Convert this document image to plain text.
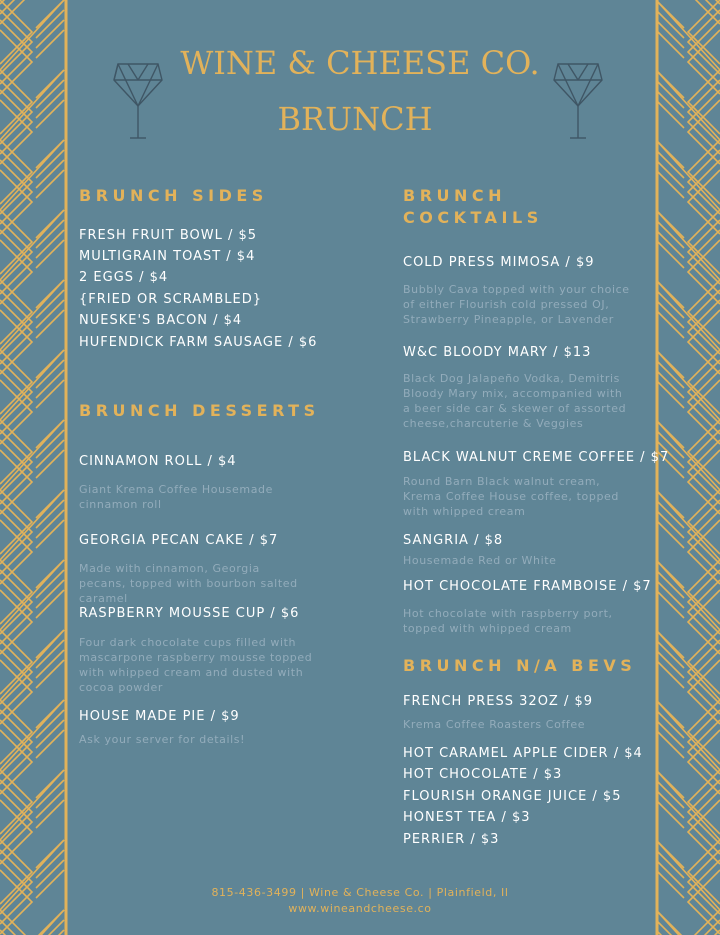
WINE & CHEESE CO.
BRUNCH
BRUNCH SIDES
FRESH FRUIT BOWL / $5
MULTIGRAIN TOAST / $4
2 EGGS / $4
{FRIED OR SCRAMBLED}
NUESKE'S BACON / $4
HUFENDICK FARM SAUSAGE / $6
BRUNCH DESSERTS
CINNAMON ROLL / $4
Giant Krema Coffee Housemade
cinnamon roll
GEORGIA PECAN CAKE / $7
Made with cinnamon, Georgia
pecans, topped with bourbon salted
caramel
RASPBERRY MOUSSE CUP / $6
Four dark chocolate cups filled with
mascarpone raspberry mousse topped
with whipped cream and dusted with
cocoa powder
HOUSE MADE PIE / $9
Ask your server for details!
BRUNCH
COCKTAILS
COLD PRESS MIMOSA / $9
Bubbly Cava topped with your choice
of either Flourish cold pressed OJ,
Strawberry Pineapple, or Lavender
W&C BLOODY MARY / $13
Black Dog Jalapeño Vodka, Demitris
Bloody Mary mix, accompanied with
a beer side car & skewer of assorted
cheese,charcuterie & Veggies
BLACK WALNUT CREME COFFEE / $7
Round Barn Black walnut cream,
Krema Coffee House coffee, topped
with whipped cream
SANGRIA / $8
Housemade Red or White
HOT CHOCOLATE FRAMBOISE / $7
Hot chocolate with raspberry port,
topped with whipped cream
BRUNCH N/A BEVS
FRENCH PRESS 32OZ / $9
Krema Coffee Roasters Coffee
HOT CARAMEL APPLE CIDER / $4
HOT CHOCOLATE / $3
FLOURISH ORANGE JUICE / $5
HONEST TEA / $3
PERRIER / $3
815-436-3499 | Wine & Cheese Co. | Plainfield, Il
www.wineandcheese.co
